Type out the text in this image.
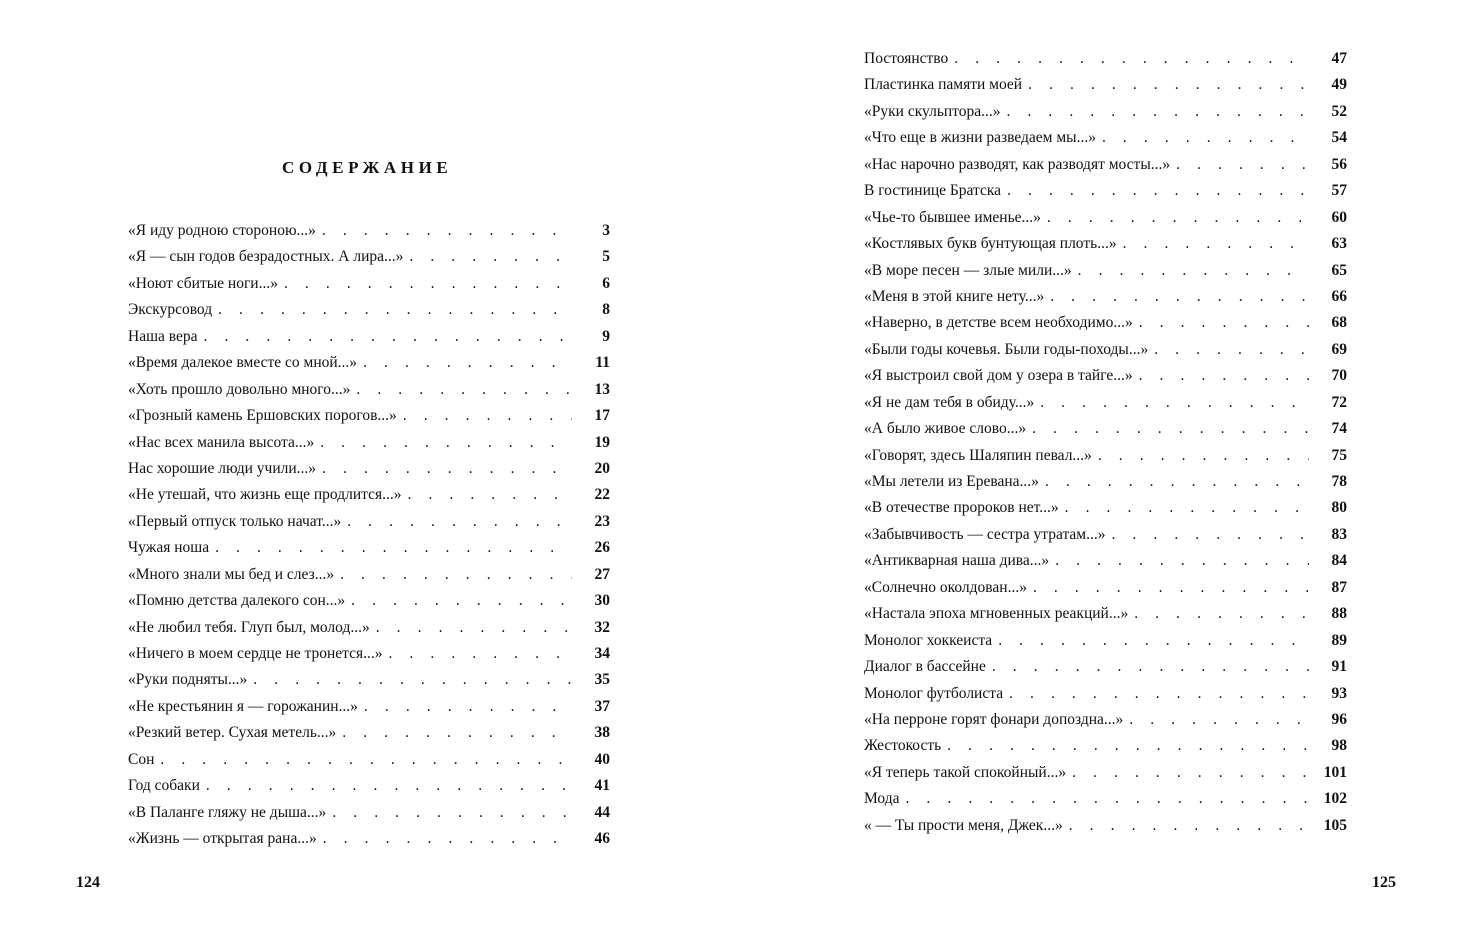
СОДЕРЖАНИЕ
«Я иду родною стороною...» . . .	3
«Я — сын годов безрадостных. А лира...» . . .	5
«Ноют сбитые ноги...» . . .	6
Экскурсовод . . .	8
Наша вера . . .	9
«Время далекое вместе со мной...» . . .	11
«Хоть прошло довольно много...» . . .	13
«Грозный камень Ершовских порогов...» . . .	17
«Нас всех манила высота...» . . .	19
Нас хорошие люди учили...» . . .	20
«Не утешай, что жизнь еще продлится...» . . .	22
«Первый отпуск только начат...» . . .	23
Чужая ноша . . .	26
«Много знали мы бед и слез...» . . .	27
«Помню детства далекого сон...» . . .	30
«Не любил тебя. Глуп был, молод...» . . .	32
«Ничего в моем сердце не тронется...» . . .	34
«Руки подняты...» . . .	35
«Не крестьянин я — горожанин...» . . .	37
«Резкий ветер. Сухая метель...» . . .	38
Сон . . .	40
Год собаки . . .	41
«В Паланге гляжу не дыша...» . . .	44
«Жизнь — открытая рана...» . . .	46
124
Постоянство . . .	47
Пластинка памяти моей . . .	49
«Руки скульптора...» . . .	52
«Что еще в жизни разведаем мы...» . . .	54
«Нас нарочно разводят, как разводят мосты...» . . .	56
В гостинице Братска . . .	57
«Чье-то бывшее именье...» . . .	60
«Костлявых букв бунтующая плоть...» . . .	63
«В море песен — злые мили...» . . .	65
«Меня в этой книге нету...» . . .	66
«Наверно, в детстве всем необходимо...» . . .	68
«Были годы кочевья. Были годы-походы...» . . .	69
«Я выстроил свой дом у озера в тайге...» . . .	70
«Я не дам тебя в обиду...» . . .	72
«А было живое слово...» . . .	74
«Говорят, здесь Шаляпин певал...» . . .	75
«Мы летели из Еревана...» . . .	78
«В отечестве пророков нет...» . . .	80
«Забывчивость — сестра утратам...» . . .	83
«Антикварная наша дива...» . . .	84
«Солнечно околдован...» . . .	87
«Настала эпоха мгновенных реакций...» . . .	88
Монолог хоккеиста . . .	89
Диалог в бассейне . . .	91
Монолог футболиста . . .	93
«На перроне горят фонари допоздна...» . . .	96
Жестокость . . .	98
«Я теперь такой спокойный...» . . .	101
Мода . . .	102
« — Ты прости меня, Джек...» . . .	105
125
